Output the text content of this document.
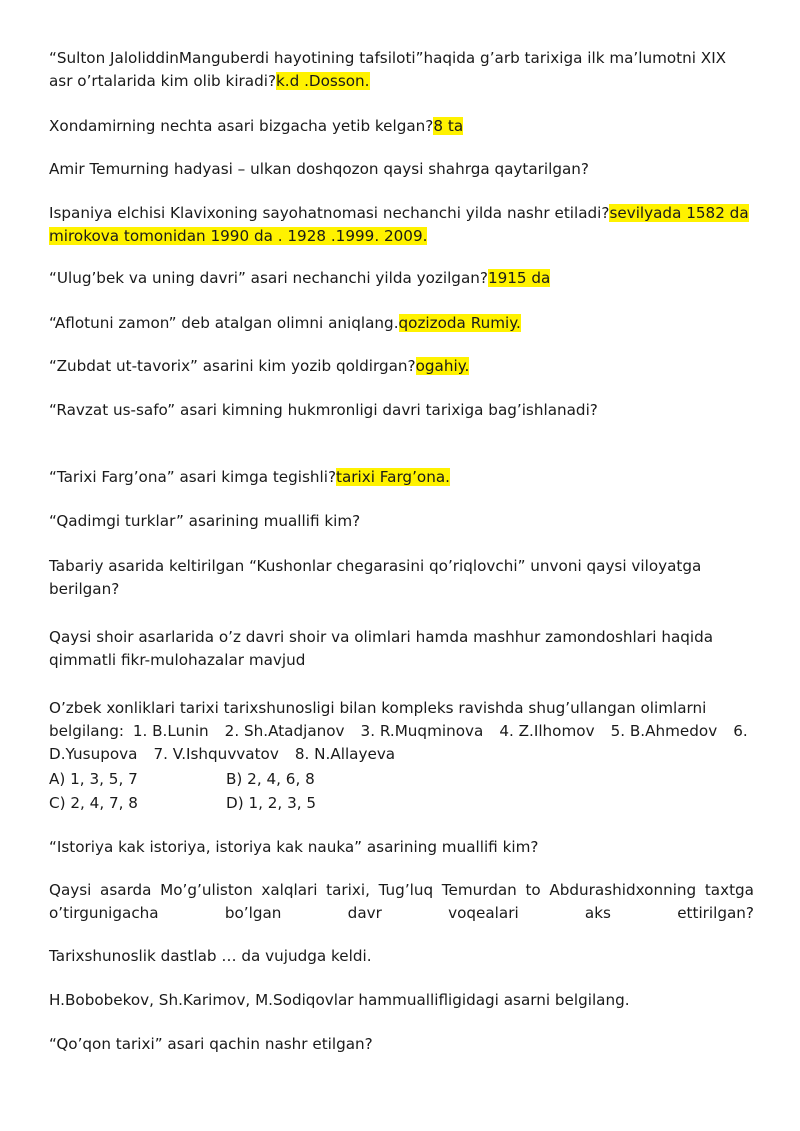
“Sulton JaloliddinManguberdi hayotining tafsiloti”haqida g’arb tarixiga ilk ma’lumotni XIX asr o’rtalarida kim olib kiradi?k.d .Dosson.

Xondamirning nechta asari bizgacha yetib kelgan?8 ta

Amir Temurning hadyasi – ulkan doshqozon qaysi shahrga qaytarilgan?

Ispaniya elchisi Klavixoning sayohatnomasi nechanchi yilda nashr etiladi?sevilyada 1582 da mirokova tomonidan 1990 da . 1928 .1999. 2009.

“Ulug’bek va uning davri” asari nechanchi yilda yozilgan?1915 da

“Aflotuni zamon” deb atalgan olimni aniqlang.qozizoda Rumiy.

“Zubdat ut-tavorix” asarini kim yozib qoldirgan?ogahiy.

“Ravzat us-safo” asari kimning hukmronligi davri tarixiga bag’ishlanadi?

“Tarixi Farg’ona” asari kimga tegishli?tarixi Farg’ona.

“Qadimgi turklar” asarining muallifi kim?

Tabariy asarida keltirilgan “Kushonlar chegarasini qo’riqlovchi” unvoni qaysi viloyatga berilgan?

Qaysi shoir asarlarida o’z davri shoir va olimlari hamda mashhur zamondoshlari haqida qimmatli fikr-mulohazalar mavjud

O’zbek xonliklari tarixi tarixshunosligi bilan kompleks ravishda shug’ullangan olimlarni belgilang: 1. B.Lunin 2. Sh.Atadjanov 3. R.Muqminova 4. Z.Ilhomov 5. B.Ahmedov 6. D.Yusupova 7. V.Ishquvvatov 8. N.Allayeva

A) 1, 3, 5, 7	B) 2, 4, 6, 8

C) 2, 4, 7, 8	D) 1, 2, 3, 5

“Istoriya kak istoriya, istoriya kak nauka” asarining muallifi kim?

Qaysi asarda Mo’g’uliston xalqlari tarixi, Tug’luq Temurdan to Abdurashidxonning taxtga o’tirgunigacha bo’lgan davr voqealari aks ettirilgan?

Tarixshunoslik dastlab … da vujudga keldi.

H.Bobobekov, Sh.Karimov, M.Sodiqovlar hammuallifligidagi asarni belgilang.

“Qo’qon tarixi” asari qachin nashr etilgan?
